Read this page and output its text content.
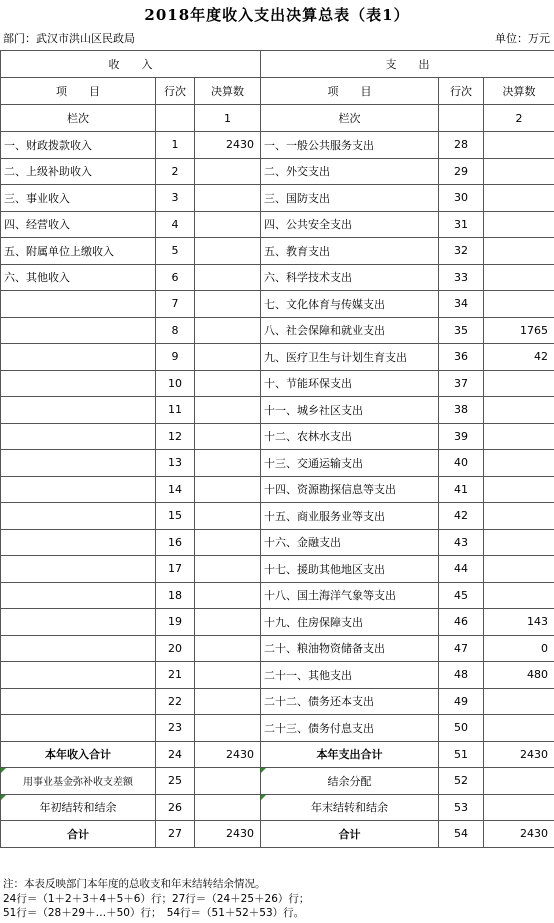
2018年度收入支出决算总表（表1）
部门：武汉市洪山区民政局	单位：万元
收　　入			支　　出		
项　　目	行次	决算数	项　　目	行次	决算数
栏次		1	栏次		2
一、财政拨款收入	1	2430	一、一般公共服务支出	28	
二、上级补助收入	2		二、外交支出	29	
三、事业收入	3		三、国防支出	30	
四、经营收入	4		四、公共安全支出	31	
五、附属单位上缴收入	5		五、教育支出	32	
六、其他收入	6		六、科学技术支出	33	
	7		七、文化体育与传媒支出	34	
	8		八、社会保障和就业支出	35	1765
	9		九、医疗卫生与计划生育支出	36	42
	10		十、节能环保支出	37	
	11		十一、城乡社区支出	38	
	12		十二、农林水支出	39	
	13		十三、交通运输支出	40	
	14		十四、资源勘探信息等支出	41	
	15		十五、商业服务业等支出	42	
	16		十六、金融支出	43	
	17		十七、援助其他地区支出	44	
	18		十八、国土海洋气象等支出	45	
	19		十九、住房保障支出	46	143
	20		二十、粮油物资储备支出	47	0
	21		二十一、其他支出	48	480
	22		二十二、债务还本支出	49	
	23		二十三、债务付息支出	50	
本年收入合计	24	2430	本年支出合计	51	2430
用事业基金弥补收支差额	25		结余分配	52	
年初结转和结余	26		年末结转和结余	53	
合计	27	2430	合计	54	2430
注：本表反映部门本年度的总收支和年末结转结余情况。
24行＝（1＋2＋3＋4＋5＋6）行；27行＝（24＋25＋26）行；
51行＝（28＋29＋…＋50）行；　54行＝（51＋52＋53）行。
